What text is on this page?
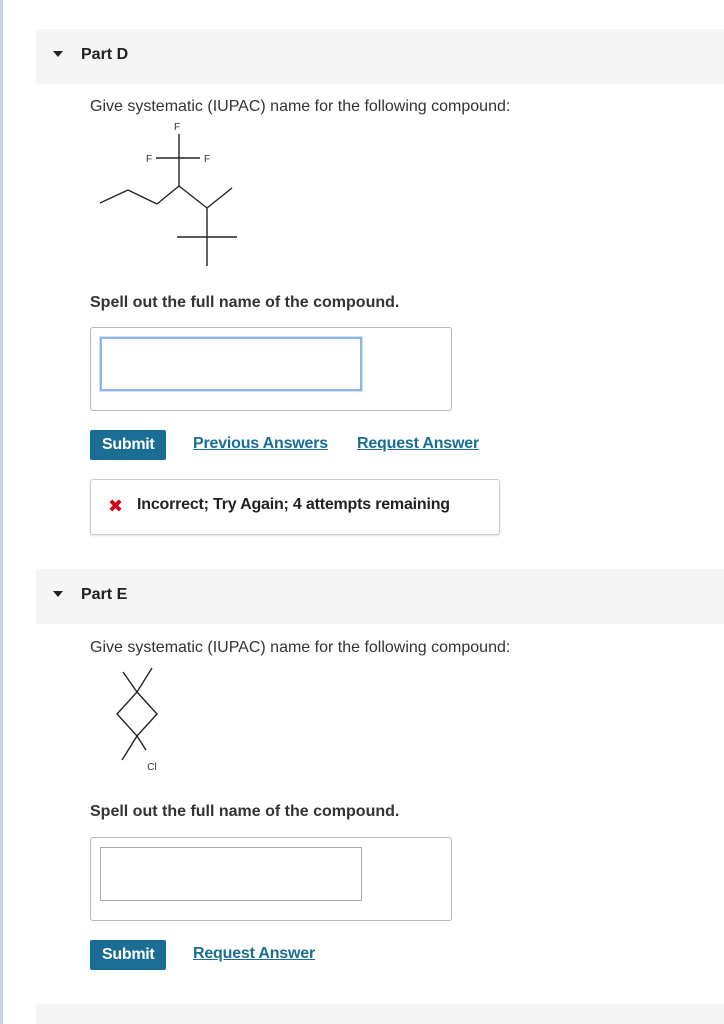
Part D
Give systematic (IUPAC) name for the following compound:
F
F	F
Spell out the full name of the compound.
Submit	Previous Answers Request Answer
✖ Incorrect; Try Again; 4 attempts remaining
Part E
Give systematic (IUPAC) name for the following compound:
Cl
Spell out the full name of the compound.
Submit	Request Answer
